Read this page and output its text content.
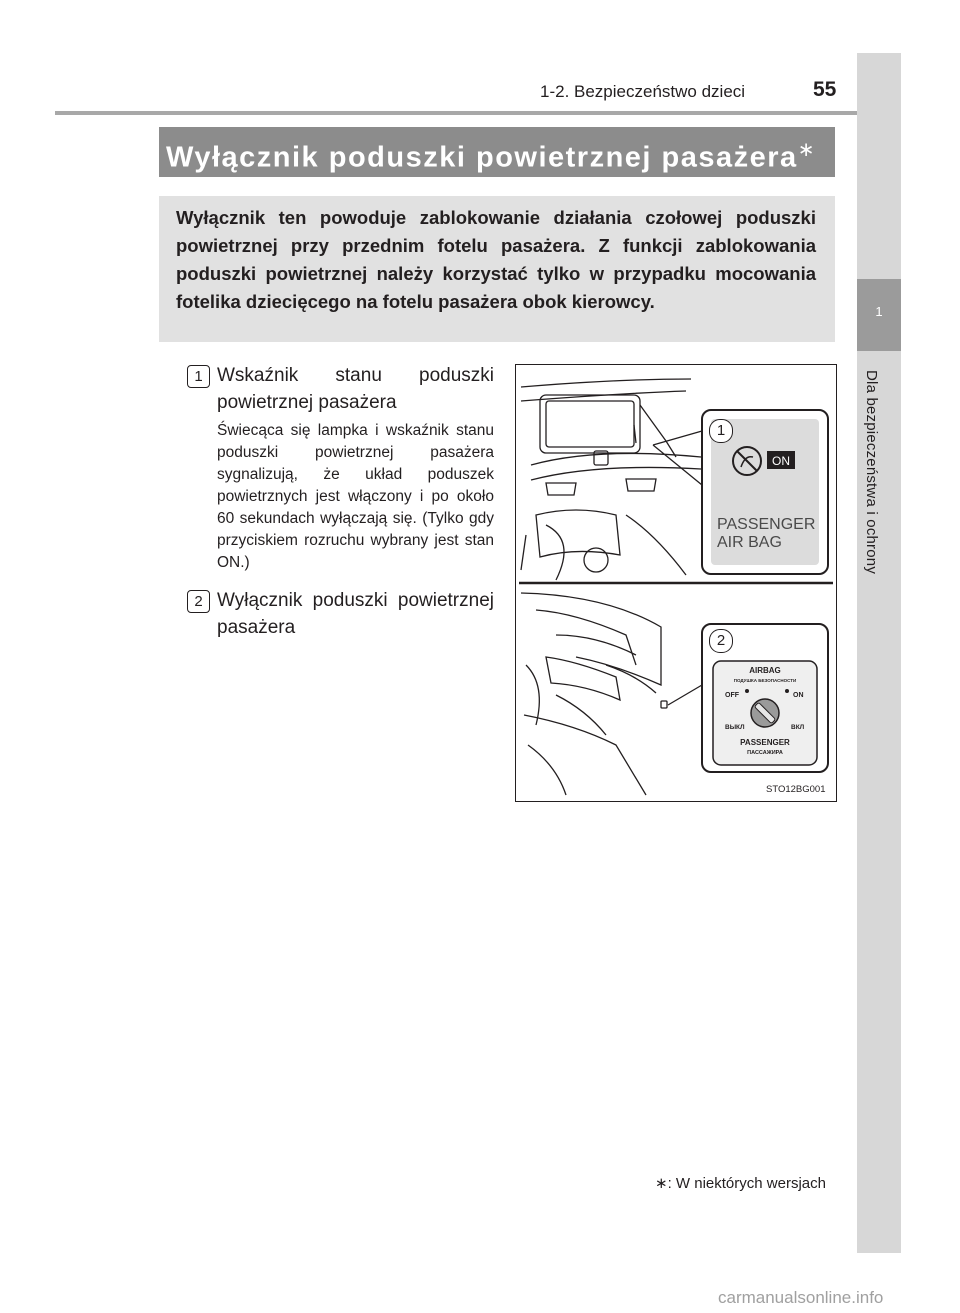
1
Dla bezpieczeństwa i ochrony
1-2. Bezpieczeństwo dzieci	55
Wyłącznik poduszki powietrznej pasażera∗
Wyłącznik ten powoduje zablokowanie działania czołowej poduszki powietrznej przy przednim fotelu pasażera. Z funkcji zablokowania poduszki powietrznej należy korzystać tylko w przypadku mocowania fotelika dziecięcego na fotelu pasażera obok kierowcy.
1 Wskaźnik stanu poduszki powietrznej pasażera
Świecąca się lampka i wskaźnik stanu poduszki powietrznej pasażera sygnalizują, że układ poduszek powietrznych jest włączony i po około 60 sekundach wyłączają się. (Tylko gdy przyciskiem rozruchu wybrany jest stan ON.)
2 Wyłącznik poduszki powietrznej pasażera
ON
PASSENGER
AIR BAG
1
AIRBAG
ПОДУШКА БЕЗОПАСНОСТИ
OFF	ON
ВЫКЛ	ВКЛ
PASSENGER
ПАССАЖИРА
2
STO12BG001
∗: W niektórych wersjach
carmanualsonline.info
